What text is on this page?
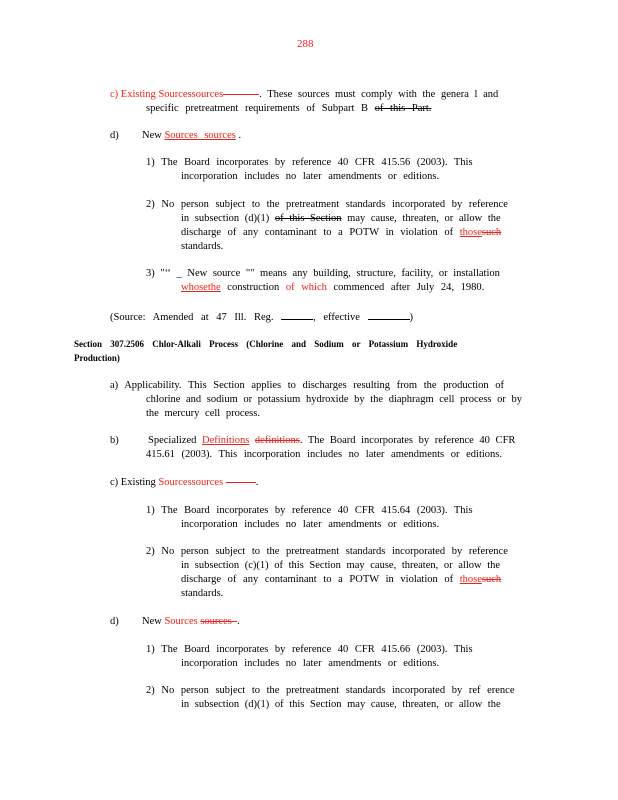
288
c) Existing Sourcessources	. These sources must comply with the genera l and
specific pretreatment requirements of Subpart B of this Part.
d) New Sources sources .
1) The Board incorporates by reference 40 CFR 415.56 (2003). This
incorporation includes no later amendments or editions.
2) No person subject to the pretreatment standards incorporated by reference
in subsection (d)(1) of this Section may cause, threaten, or allow the
discharge of any contaminant to a POTW in violation of thosesuch
standards.
3) "‘‘ _ New source "" means any building, structure, facility, or installation
whosethe construction of which commenced after July 24, 1980.
(Source: Amended at 47 Ill. Reg.	, effective	)
Section 307.2506 Chlor-Alkali Process (Chlorine and Sodium or Potassium Hydroxide
Production)
a) Applicability. This Section applies to discharges resulting from the production of
chlorine and sodium or potassium hydroxide by the diaphragm cell process or by
the mercury cell process.
b)	Specialized Definitions definitions. The Board incorporates by reference 40 CFR
415.61 (2003). This incorporation includes no later amendments or editions.
c) Existing Sourcessources	.
1) The Board incorporates by reference 40 CFR 415.64 (2003). This
incorporation includes no later amendments or editions.
2) No person subject to the pretreatment standards incorporated by reference
in subsection (c)(1) of this Section may cause, threaten, or allow the
discharge of any contaminant to a POTW in violation of thosesuch
standards.
d) New Sources sources .
1) The Board incorporates by reference 40 CFR 415.66 (2003). This
incorporation includes no later amendments or editions.
2) No person subject to the pretreatment standards incorporated by ref erence
in subsection (d)(1) of this Section may cause, threaten, or allow the
